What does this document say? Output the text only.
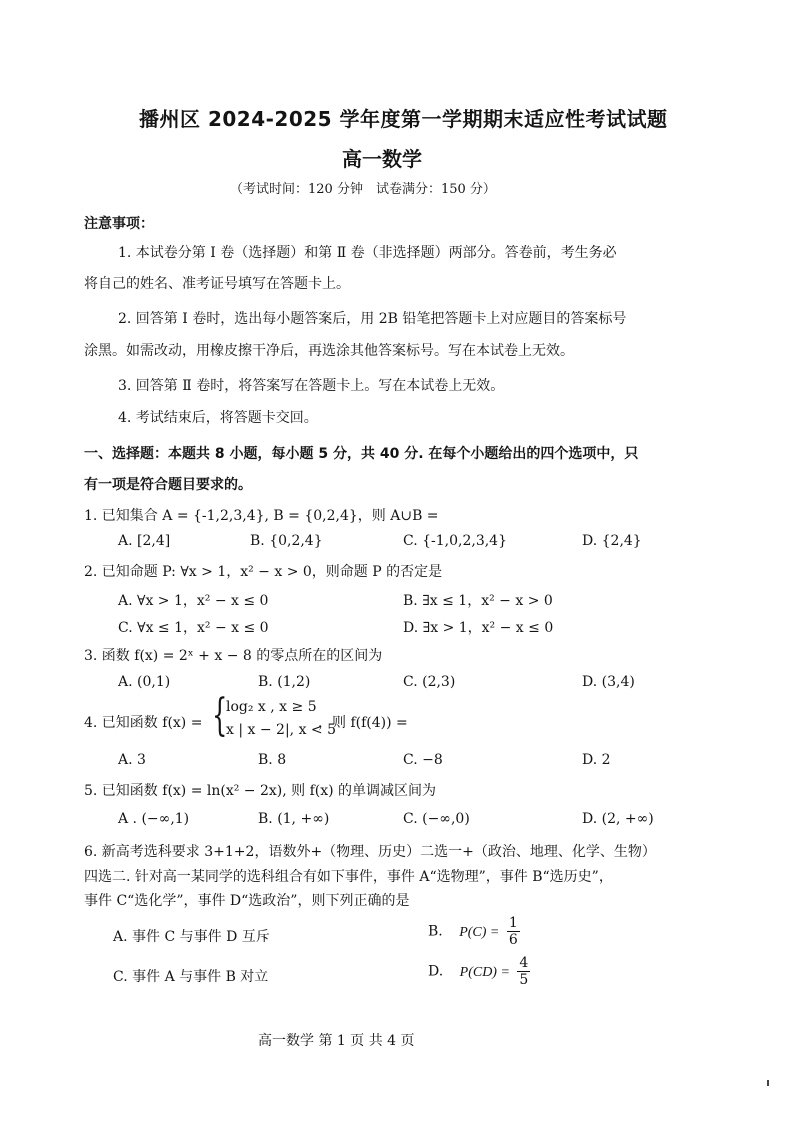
播州区 2024-2025 学年度第一学期期末适应性考试试题
高一数学
（考试时间：120 分钟　试卷满分：150 分）
注意事项：
1. 本试卷分第 Ⅰ 卷（选择题）和第 Ⅱ 卷（非选择题）两部分。答卷前，考生务必
将自己的姓名、准考证号填写在答题卡上。
2. 回答第 Ⅰ 卷时，选出每小题答案后，用 2B 铅笔把答题卡上对应题目的答案标号
涂黑。如需改动，用橡皮擦干净后，再选涂其他答案标号。写在本试卷上无效。
3. 回答第 Ⅱ 卷时，将答案写在答题卡上。写在本试卷上无效。
4. 考试结束后，将答题卡交回。
一、选择题：本题共 8 小题，每小题 5 分，共 40 分. 在每个小题给出的四个选项中，只
有一项是符合题目要求的。
1. 已知集合 A = {-1,2,3,4}, B = {0,2,4}，则 A∪B =
A. [2,4]	B. {0,2,4}	C. {-1,0,2,3,4}	D. {2,4}
2. 已知命题 P: ∀x > 1，x² − x > 0，则命题 P 的否定是
A. ∀x > 1，x² − x ≤ 0	B. ∃x ≤ 1，x² − x > 0
C. ∀x ≤ 1，x² − x ≤ 0	D. ∃x > 1，x² − x ≤ 0
3. 函数 f(x) = 2ˣ + x − 8 的零点所在的区间为
A. (0,1)	B. (1,2)	C. (2,3)	D. (3,4)
4. 已知函数 f(x) = {
log₂ x , x ≥ 5
x | x − 2|, x < 5
，则 f(f(4)) =
A. 3	B. 8	C. −8	D. 2
5. 已知函数 f(x) = ln(x² − 2x), 则 f(x) 的单调减区间为
A . (−∞,1)	B. (1, +∞)	C. (−∞,0)	D. (2, +∞)
6. 新高考选科要求 3+1+2，语数外+（物理、历史）二选一+（政治、地理、化学、生物）
四选二. 针对高一某同学的选科组合有如下事件，事件 A“选物理”，事件 B“选历史”，
事件 C“选化学”，事件 D“选政治”，则下列正确的是
A. 事件 C 与事件 D 互斥	B. $P(C) = \frac{1}{6}$
C. 事件 A 与事件 B 对立	D. $P(CD) = \frac{4}{5}$
高一数学 第 1 页 共 4 页
